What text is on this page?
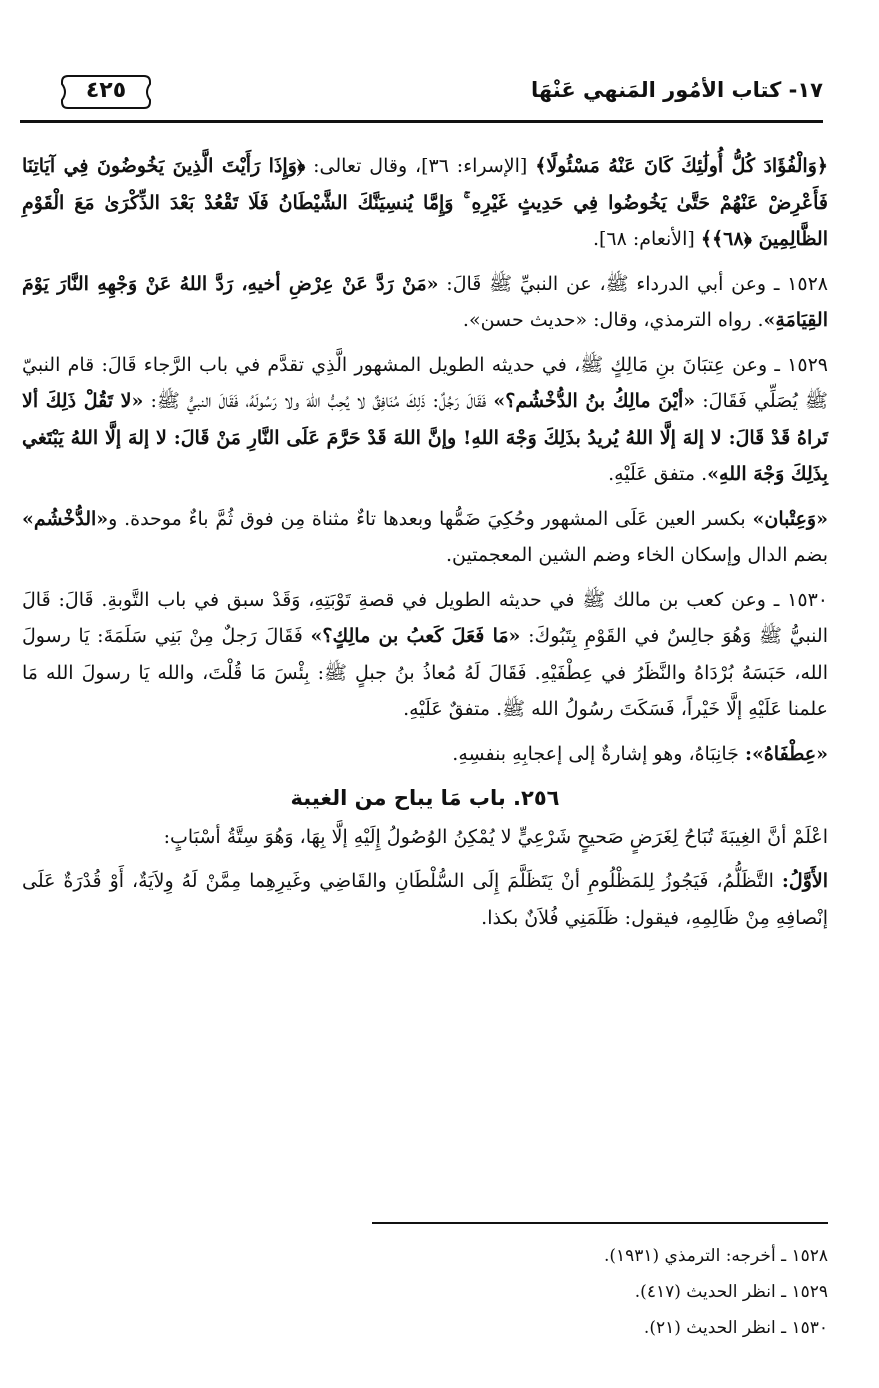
٤٢٥	١٧- كتاب الأمُور المَنهي عَنْهَا

﴿وَالْفُؤَادَ كُلُّ أُولَٰئِكَ كَانَ عَنْهُ مَسْئُولًا﴾ [الإسراء: ٣٦]، وقال تعالى: ﴿وَإِذَا رَأَيْتَ الَّذِينَ يَخُوضُونَ فِي آيَاتِنَا فَأَعْرِضْ عَنْهُمْ حَتَّىٰ يَخُوضُوا فِي حَدِيثٍ غَيْرِهِ ۚ وَإِمَّا يُنسِيَنَّكَ الشَّيْطَانُ فَلَا تَقْعُدْ بَعْدَ الذِّكْرَىٰ مَعَ الْقَوْمِ الظَّالِمِينَ ﴿٦٨﴾﴾ [الأنعام: ٦٨].

١٥٢٨ ـ وعن أبي الدرداء ﷺ، عن النبيِّ ﷺ قَالَ: «مَنْ رَدَّ عَنْ عِرْضِ أخيهِ، رَدَّ اللهُ عَنْ وَجْهِهِ النَّارَ يَوْمَ القِيَامَةِ». رواه الترمذي، وقال: «حديث حسن».

١٥٢٩ ـ وعن عِتبَانَ بنِ مَالِكٍ ﷺ، في حديثه الطويل المشهور الَّذِي تقدَّم في باب الرَّجاء قَالَ: قام النبيّ ﷺ يُصَلِّي فَقَالَ: «أيْنَ مالِكُ بنُ الدُّخْشُم؟» فَقَالَ رَجُلٌ: ذَلِكَ مُنَافِقٌ لا يُحِبُّ اللهَ ولا رَسُولَهُ، فَقَالَ النبيُّ ﷺ: «لا تَقُلْ ذَلِكَ ألا تَراهُ قَدْ قَالَ: لا إلهَ إلَّا اللهُ يُريدُ بذَلِكَ وَجْهَ اللهِ! وإنَّ اللهَ قَدْ حَرَّمَ عَلَى النَّارِ مَنْ قَالَ: لا إلهَ إلَّا اللهُ يَبْتَغي بِذَلِكَ وَجْهَ اللهِ». متفق عَلَيْهِ.

«وَعِتْبان» بكسر العين عَلَى المشهور وحُكِيَ ضَمُّها وبعدها تاءٌ مثناة مِن فوق ثُمَّ باءٌ موحدة. و«الدُّخْشُم» بضم الدال وإسكان الخاء وضم الشين المعجمتين.

١٥٣٠ ـ وعن كعب بن مالك ﷺ في حديثه الطويل في قصةِ تَوْبَتِهِ، وَقَدْ سبق في باب التَّوبةِ. قَالَ: قَالَ النبيُّ ﷺ وَهُوَ جالِسٌ في القَوْمِ بِتَبُوكَ: «مَا فَعَلَ كَعبُ بن مالِكٍ؟» فَقَالَ رَجلٌ مِنْ بَنِي سَلَمَةَ: يَا رسولَ الله، حَبَسَهُ بُرْدَاهُ والنَّظَرُ في عِطْفَيْهِ. فَقَالَ لَهُ مُعاذُ بنُ جبلٍ ﷺ: بِئْسَ مَا قُلْتَ، والله يَا رسولَ الله مَا علمنا عَلَيْهِ إلَّا خَيْراً، فَسَكَتَ رسُولُ الله ﷺ. متفقٌ عَلَيْهِ.

«عِطْفَاهُ»: جَانِبَاهُ، وهو إشارةٌ إلى إعجابِهِ بنفسِهِ.

٢٥٦. باب مَا يباح من الغيبة

اعْلَمْ أنَّ الغِيبَةَ تُبَاحُ لِغَرَضٍ صَحيحٍ شَرْعِيٍّ لا يُمْكِنُ الوُصُولُ إِلَيْهِ إلَّا بِهَا، وَهُوَ سِتَّةُ أسْبَابٍ:

الأَوَّلُ: التَّظَلُّمُ، فَيَجُوزُ لِلمَظْلُومِ أنْ يَتَظَلَّمَ إِلَى السُّلْطَانِ والقَاضِي وغَيرِهِما مِمَّنْ لَهُ وِلاَيَةٌ، أَوْ قُدْرَةٌ عَلَى إنْصافِهِ مِنْ ظَالِمِهِ، فيقول: ظَلَمَنِي فُلاَنٌ بكذا.

١٥٢٨ ـ أخرجه: الترمذي (١٩٣١).
١٥٢٩ ـ انظر الحديث (٤١٧).
١٥٣٠ ـ انظر الحديث (٢١).
